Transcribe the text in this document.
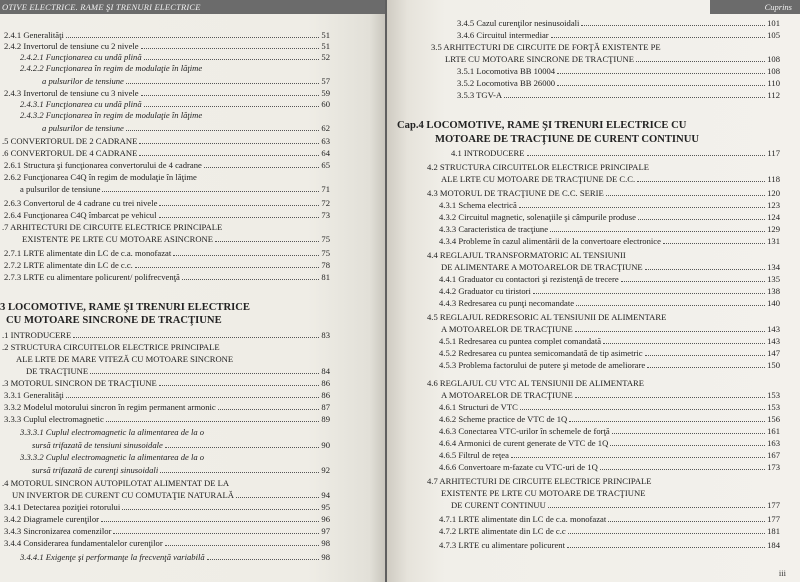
OTIVE ELECTRICE. RAME ŞI TRENURI ELECTRICE
2.4.1 Generalităţi	51
2.4.2 Invertorul de tensiune cu 2 nivele	51
2.4.2.1 Funcţionarea cu undă plină	52
2.4.2.2 Funcţionarea în regim de modulaţie în lăţime
a pulsurilor de tensiune	57
2.4.3 Invertorul de tensiune cu 3 nivele	59
2.4.3.1 Funcţionarea cu undă plină	60
2.4.3.2 Funcţionarea în regim de modulaţie în lăţime
a pulsurilor de tensiune	62
.5 CONVERTORUL DE 2 CADRANE	63
.6 CONVERTORUL DE 4 CADRANE	64
2.6.1 Structura şi funcţionarea convertorului de 4 cadrane	65
2.6.2 Funcţionarea C4Q în regim de modulaţie în lăţime
a pulsurilor de tensiune	71
2.6.3 Convertorul de 4 cadrane cu trei nivele	72
2.6.4 Funcţionarea C4Q îmbarcat pe vehicul	73
.7 ARHITECTURI DE CIRCUITE ELECTRICE PRINCIPALE
EXISTENTE PE LRTE CU MOTOARE ASINCRONE	75
2.7.1 LRTE alimentate din LC de c.a. monofazat	75
2.7.2 LRTE alimentate din LC de c.c.	78
2.7.3 LRTE cu alimentare policurent/ polifrecvenţă	81
3 LOCOMOTIVE, RAME ŞI TRENURI ELECTRICE
CU MOTOARE SINCRONE DE TRACŢIUNE
.1 INTRODUCERE	83
.2 STRUCTURA CIRCUITELOR ELECTRICE PRINCIPALE
ALE LRTE DE MARE VITEZĂ CU MOTOARE SINCRONE
DE TRACŢIUNE	84
.3 MOTORUL SINCRON DE TRACŢIUNE	86
3.3.1 Generalităţi	86
3.3.2 Modelul motorului sincron în regim permanent armonic	87
3.3.3 Cuplul electromagnetic	89
3.3.3.1 Cuplul electromagnetic la alimentarea de la o
sursă trifazată de tensiuni sinusoidale	90
3.3.3.2 Cuplul electromagnetic la alimentarea de la o
sursă trifazată de curenţi sinusoidali	92
.4 MOTORUL SINCRON AUTOPILOTAT ALIMENTAT DE LA
UN INVERTOR DE CURENT CU COMUTAŢIE NATURALĂ	94
3.4.1 Detectarea poziţiei rotorului	95
3.4.2 Diagramele curenţilor	96
3.4.3 Sincronizarea comenzilor	97
3.4.4 Considerarea fundamentalelor curenţilor	98
3.4.4.1 Exigenţe şi performanţe la frecvenţă variabilă	98
Cuprins
3.4.5 Cazul curenţilor nesinusoidali	101
3.4.6 Circuitul intermediar	105
3.5 ARHITECTURI DE CIRCUITE DE FORŢĂ EXISTENTE PE
LRTE CU MOTOARE SINCRONE DE TRACŢIUNE	108
3.5.1 Locomotiva BB 10004	108
3.5.2 Locomotiva BB 26000	110
3.5.3 TGV-A	112
Cap.4 LOCOMOTIVE, RAME ŞI TRENURI ELECTRICE CU
MOTOARE DE TRACŢIUNE DE CURENT CONTINUU
4.1 INTRODUCERE	117
4.2 STRUCTURA CIRCUITELOR ELECTRICE PRINCIPALE
ALE LRTE CU MOTOARE DE TRACŢIUNE DE C.C.	118
4.3 MOTORUL DE TRACŢIUNE DE C.C. SERIE	120
4.3.1 Schema electrică	123
4.3.2 Circuitul magnetic, solenaţiile şi câmpurile produse	124
4.3.3 Caracteristica de tracţiune	129
4.3.4 Probleme în cazul alimentării de la convertoare electronice	131
4.4 REGLAJUL TRANSFORMATORIC AL TENSIUNII
DE ALIMENTARE A MOTOARELOR DE TRACŢIUNE	134
4.4.1 Graduator cu contactori şi rezistenţă de trecere	135
4.4.2 Graduator cu tiristori	138
4.4.3 Redresarea cu punţi necomandate	140
4.5 REGLAJUL REDRESORIC AL TENSIUNII DE ALIMENTARE
A MOTOARELOR DE TRACŢIUNE	143
4.5.1 Redresarea cu puntea complet comandată	143
4.5.2 Redresarea cu puntea semicomandată de tip asimetric	147
4.5.3 Problema factorului de putere şi metode de ameliorare	150
4.6 REGLAJUL CU VTC AL TENSIUNII DE ALIMENTARE
A MOTOARELOR DE TRACŢIUNE	153
4.6.1 Structuri de VTC	153
4.6.2 Scheme practice de VTC de 1Q	156
4.6.3 Conectarea VTC-urilor în schemele de forţă	161
4.6.4 Armonici de curent generate de VTC de 1Q	163
4.6.5 Filtrul de reţea	167
4.6.6 Convertoare m-fazate cu VTC-uri de 1Q	173
4.7 ARHITECTURI DE CIRCUITE ELECTRICE PRINCIPALE
EXISTENTE PE LRTE CU MOTOARE DE TRACŢIUNE
DE CURENT CONTINUU	177
4.7.1 LRTE alimentate din LC de c.a. monofazat	177
4.7.2 LRTE alimentate din LC de c.c	181
4.7.3 LRTE cu alimentare policurent	184
iii
